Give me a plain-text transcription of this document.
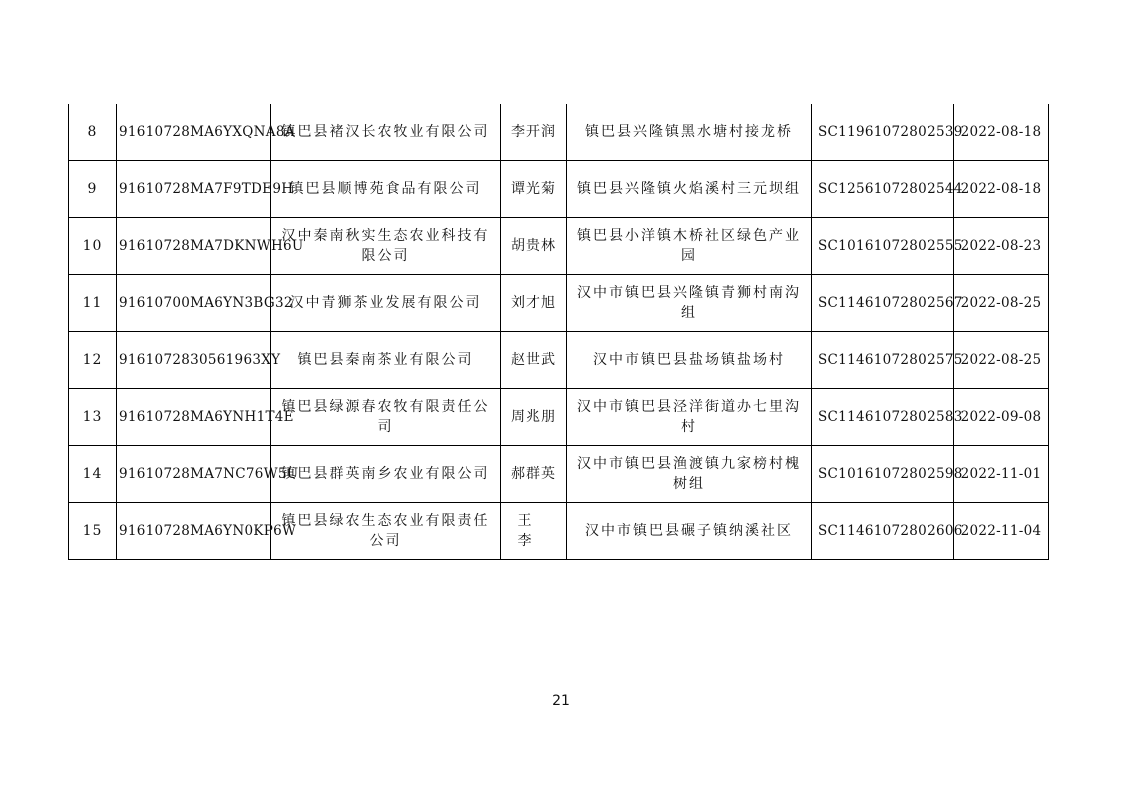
8	91610728MA6YXQNA8A	镇巴县褚汉长农牧业有限公司	李开润	镇巴县兴隆镇黑水塘村接龙桥	SC11961072802539	2022-08-18
9	91610728MA7F9TDE9H	镇巴县顺博苑食品有限公司	谭光菊	镇巴县兴隆镇火焰溪村三元坝组	SC12561072802544	2022-08-18
10	91610728MA7DKNWH6U	汉中秦南秋实生态农业科技有限公司	胡贵林	镇巴县小洋镇木桥社区绿色产业园	SC10161072802555	2022-08-23
11	91610700MA6YN3BG32	汉中青狮茶业发展有限公司	刘才旭	汉中市镇巴县兴隆镇青狮村南沟组	SC11461072802567	2022-08-25
12	9161072830561963XY	镇巴县秦南茶业有限公司	赵世武	汉中市镇巴县盐场镇盐场村	SC11461072802575	2022-08-25
13	91610728MA6YNH1T4E	镇巴县绿源春农牧有限责任公司	周兆朋	汉中市镇巴县泾洋街道办七里沟村	SC11461072802583	2022-09-08
14	91610728MA7NC76W5U	镇巴县群英南乡农业有限公司	郝群英	汉中市镇巴县渔渡镇九家榜村槐树组	SC10161072802598	2022-11-01
15	91610728MA6YN0KP6W	镇巴县绿农生态农业有限责任公司	王李	汉中市镇巴县碾子镇纳溪社区	SC11461072802606	2022-11-04
21
